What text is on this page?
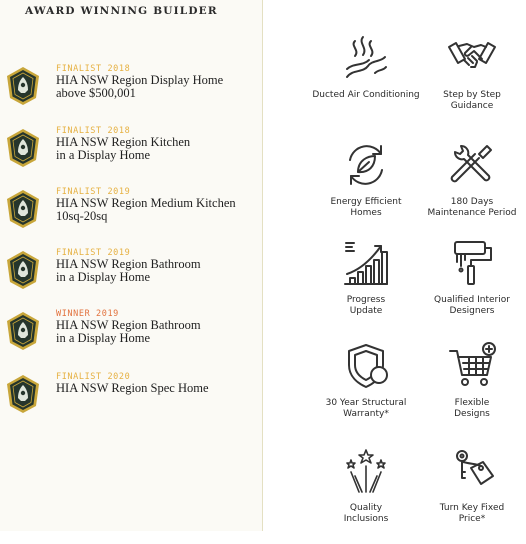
AWARD WINNING BUILDER
FINALIST 2018
HIA NSW Region Display Home
above $500,001
FINALIST 2018
HIA NSW Region Kitchen
in a Display Home
FINALIST 2019
HIA NSW Region Medium Kitchen
10sq-20sq
FINALIST 2019
HIA NSW Region Bathroom
in a Display Home
WINNER 2019
HIA NSW Region Bathroom
in a Display Home
FINALIST 2020
HIA NSW Region Spec Home
Ducted Air Conditioning	Step by Step
Guidance
Energy Efficient
Homes
180 Days
Maintenance Period
Progress
Update
Qualified Interior
Designers
30 Year Structural
Warranty*
Flexible
Designs
Quality
Inclusions
Turn Key Fixed
Price*
